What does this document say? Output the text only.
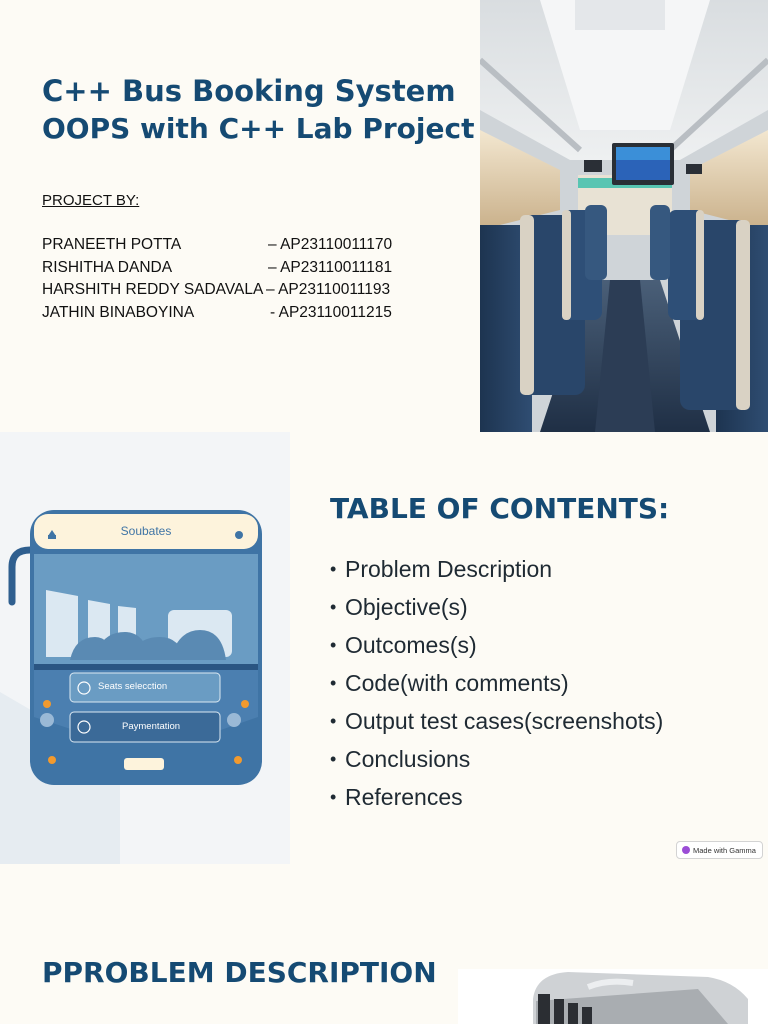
C++ Bus Booking System
OOPS with C++ Lab Project
PROJECT BY:
PRANEETH POTTA	– AP23110011170
RISHITHA DANDA	– AP23110011181
HARSHITH REDDY SADAVALA – AP23110011193
JATHIN BINABOYINA	- AP23110011215
Soubates
Seats selecction
Paymentation
TABLE OF CONTENTS:
• Problem Description
• Objective(s)
• Outcomes(s)
• Code(with comments)
• Output test cases(screenshots)
• Conclusions
• References
Made with Gamma
PPROBLEM DESCRIPTION
